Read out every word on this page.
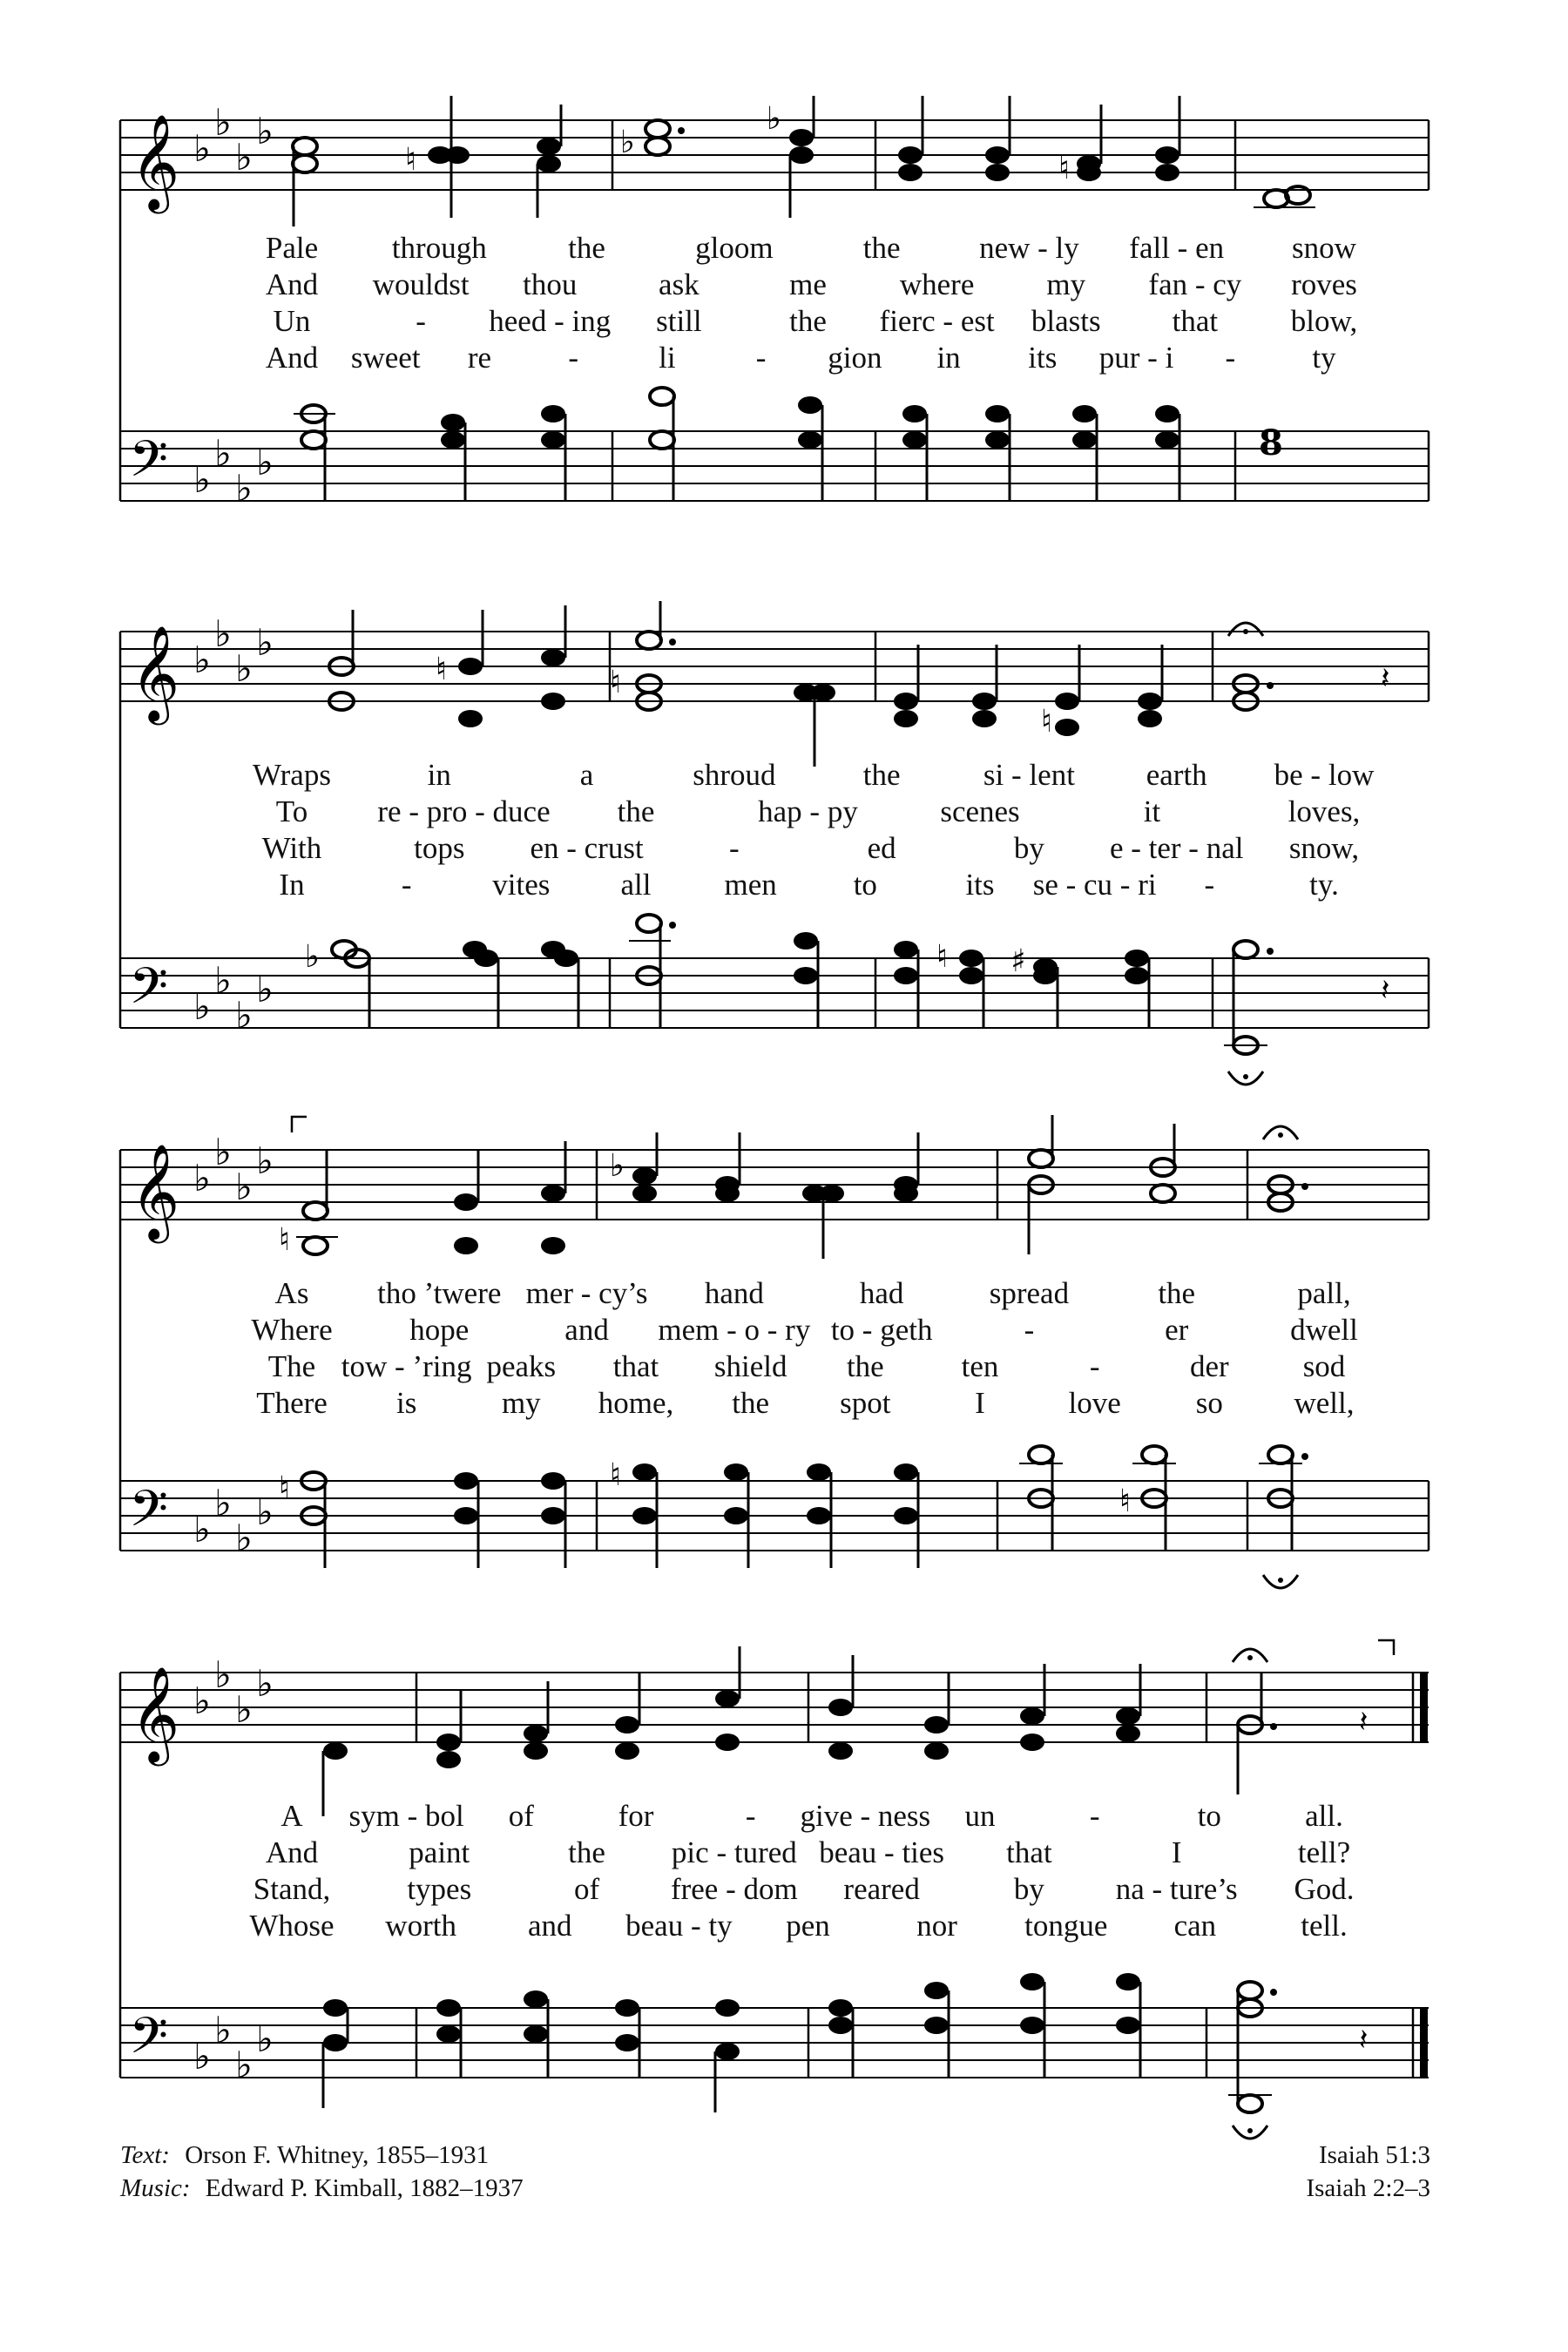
𝄞
𝄢
♭
♭
♭
♭
♭
♭
♭
♭
♮	♭
♭
♮
8
Pale through	the	gloom	the	new - ly fall - en snow
And wouldst thou	ask	me where my fan - cy roves
Un	- heed - ing still	the fierc - est blasts that blow,
And sweet re	-	li	- gion in its pur - i -	ty
𝄞
𝄢
♭
♭
♭
♭
♭
♭
♭
♭
♮	♮
♮
𝄽
♭	♮ ♯
𝄽
Wraps	in	a	shroud	the	si - lent earth be - low
To re - pro - duce the	hap - py	scenes	it	loves,
With	tops en - crust	-	ed	by e - ter - nal snow,
In	-	vites all men	to	its se - cu - ri -	ty.
𝄞
𝄢
♭
♭
♭
♭
♭
♭
♭
♭
♮
♭
♮	♮
♮
As tho ’twere mer - cy’s hand	had	spread	the	pall,
Where	hope	and mem - o - ry to - geth	-	er	dwell
The tow - ’ring peaks that shield the	ten	-	der sod
There is	my home, the spot	I	love so well,
𝄞
𝄢
♭
♭
♭
♭
♭
♭
♭
♭
𝄽
𝄽
A sym - bol of	for	- give - ness un	-	to	all.
And	paint	the pic - tured beau - ties that	I	tell?
Stand,	types	of free - dom reared	by na - ture’s God.
Whose worth and beau - ty pen	nor tongue can	tell.
Text: Orson F. Whitney, 1855–1931
Music: Edward P. Kimball, 1882–1937
Isaiah 51:3
Isaiah 2:2–3
